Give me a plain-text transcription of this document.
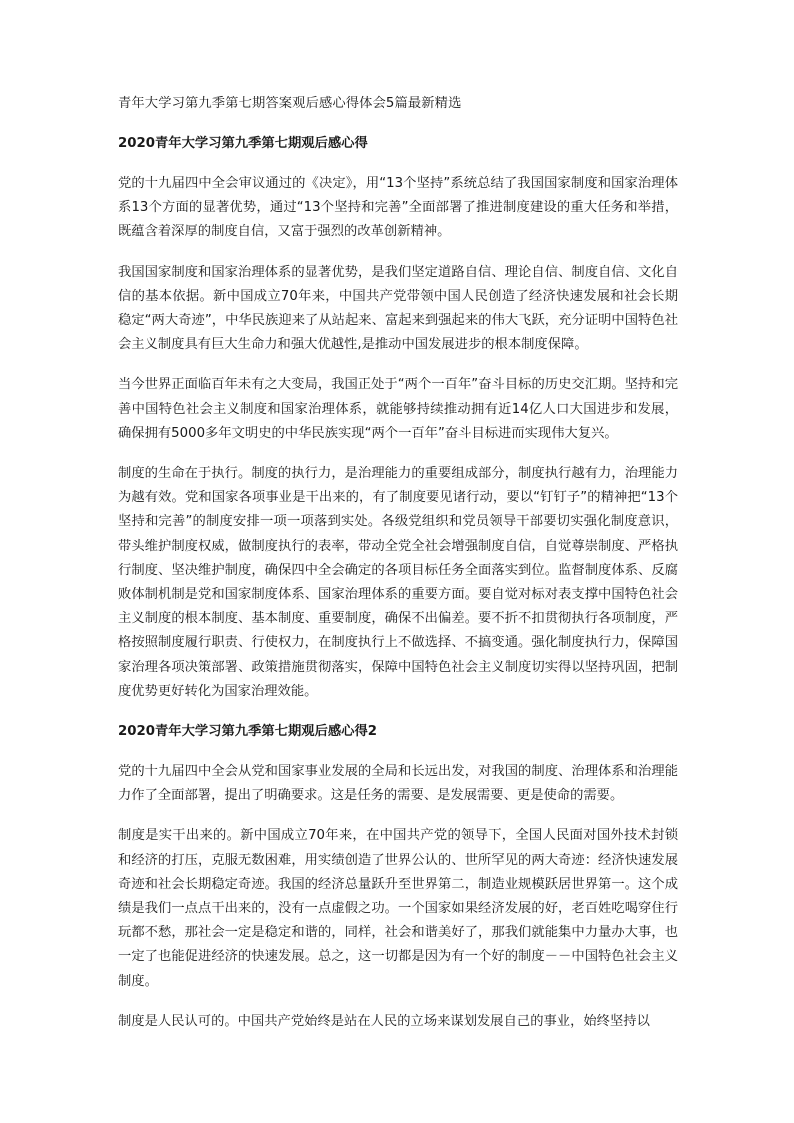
青年大学习第九季第七期答案观后感心得体会5篇最新精选
2020青年大学习第九季第七期观后感心得

党的十九届四中全会审议通过的《决定》，用“13个坚持”系统总结了我国国家制度和国家治理体系13个方面的显著优势，通过“13个坚持和完善”全面部署了推进制度建设的重大任务和举措，既蕴含着深厚的制度自信，又富于强烈的改革创新精神。

我国国家制度和国家治理体系的显著优势，是我们坚定道路自信、理论自信、制度自信、文化自信的基本依据。新中国成立70年来，中国共产党带领中国人民创造了经济快速发展和社会长期稳定“两大奇迹”，中华民族迎来了从站起来、富起来到强起来的伟大飞跃，充分证明中国特色社会主义制度具有巨大生命力和强大优越性,是推动中国发展进步的根本制度保障。

当今世界正面临百年未有之大变局，我国正处于“两个一百年”奋斗目标的历史交汇期。坚持和完善中国特色社会主义制度和国家治理体系，就能够持续推动拥有近14亿人口大国进步和发展，确保拥有5000多年文明史的中华民族实现“两个一百年”奋斗目标进而实现伟大复兴。

制度的生命在于执行。制度的执行力，是治理能力的重要组成部分，制度执行越有力，治理能力为越有效。党和国家各项事业是干出来的，有了制度要见诸行动，要以“钉钉子”的精神把“13个坚持和完善”的制度安排一项一项落到实处。各级党组织和党员领导干部要切实强化制度意识，带头维护制度权威，做制度执行的表率，带动全党全社会增强制度自信，自觉尊崇制度、严格执行制度、坚决维护制度，确保四中全会确定的各项目标任务全面落实到位。监督制度体系、反腐败体制机制是党和国家制度体系、国家治理体系的重要方面。要自觉对标对表支撑中国特色社会主义制度的根本制度、基本制度、重要制度，确保不出偏差。要不折不扣贯彻执行各项制度，严格按照制度履行职责、行使权力，在制度执行上不做选择、不搞变通。强化制度执行力，保障国家治理各项决策部署、政策措施贯彻落实，保障中国特色社会主义制度切实得以坚持巩固，把制度优势更好转化为国家治理效能。

2020青年大学习第九季第七期观后感心得2

党的十九届四中全会从党和国家事业发展的全局和长远出发，对我国的制度、治理体系和治理能力作了全面部署，提出了明确要求。这是任务的需要、是发展需要、更是使命的需要。

制度是实干出来的。新中国成立70年来，在中国共产党的领导下，全国人民面对国外技术封锁和经济的打压，克服无数困难，用实绩创造了世界公认的、世所罕见的两大奇迹：经济快速发展奇迹和社会长期稳定奇迹。我国的经济总量跃升至世界第二，制造业规模跃居世界第一。这个成绩是我们一点点干出来的，没有一点虚假之功。一个国家如果经济发展的好，老百姓吃喝穿住行玩都不愁，那社会一定是稳定和谐的，同样，社会和谐美好了，那我们就能集中力量办大事，也一定了也能促进经济的快速发展。总之，这一切都是因为有一个好的制度－－中国特色社会主义制度。

制度是人民认可的。中国共产党始终是站在人民的立场来谋划发展自己的事业，始终坚持以
